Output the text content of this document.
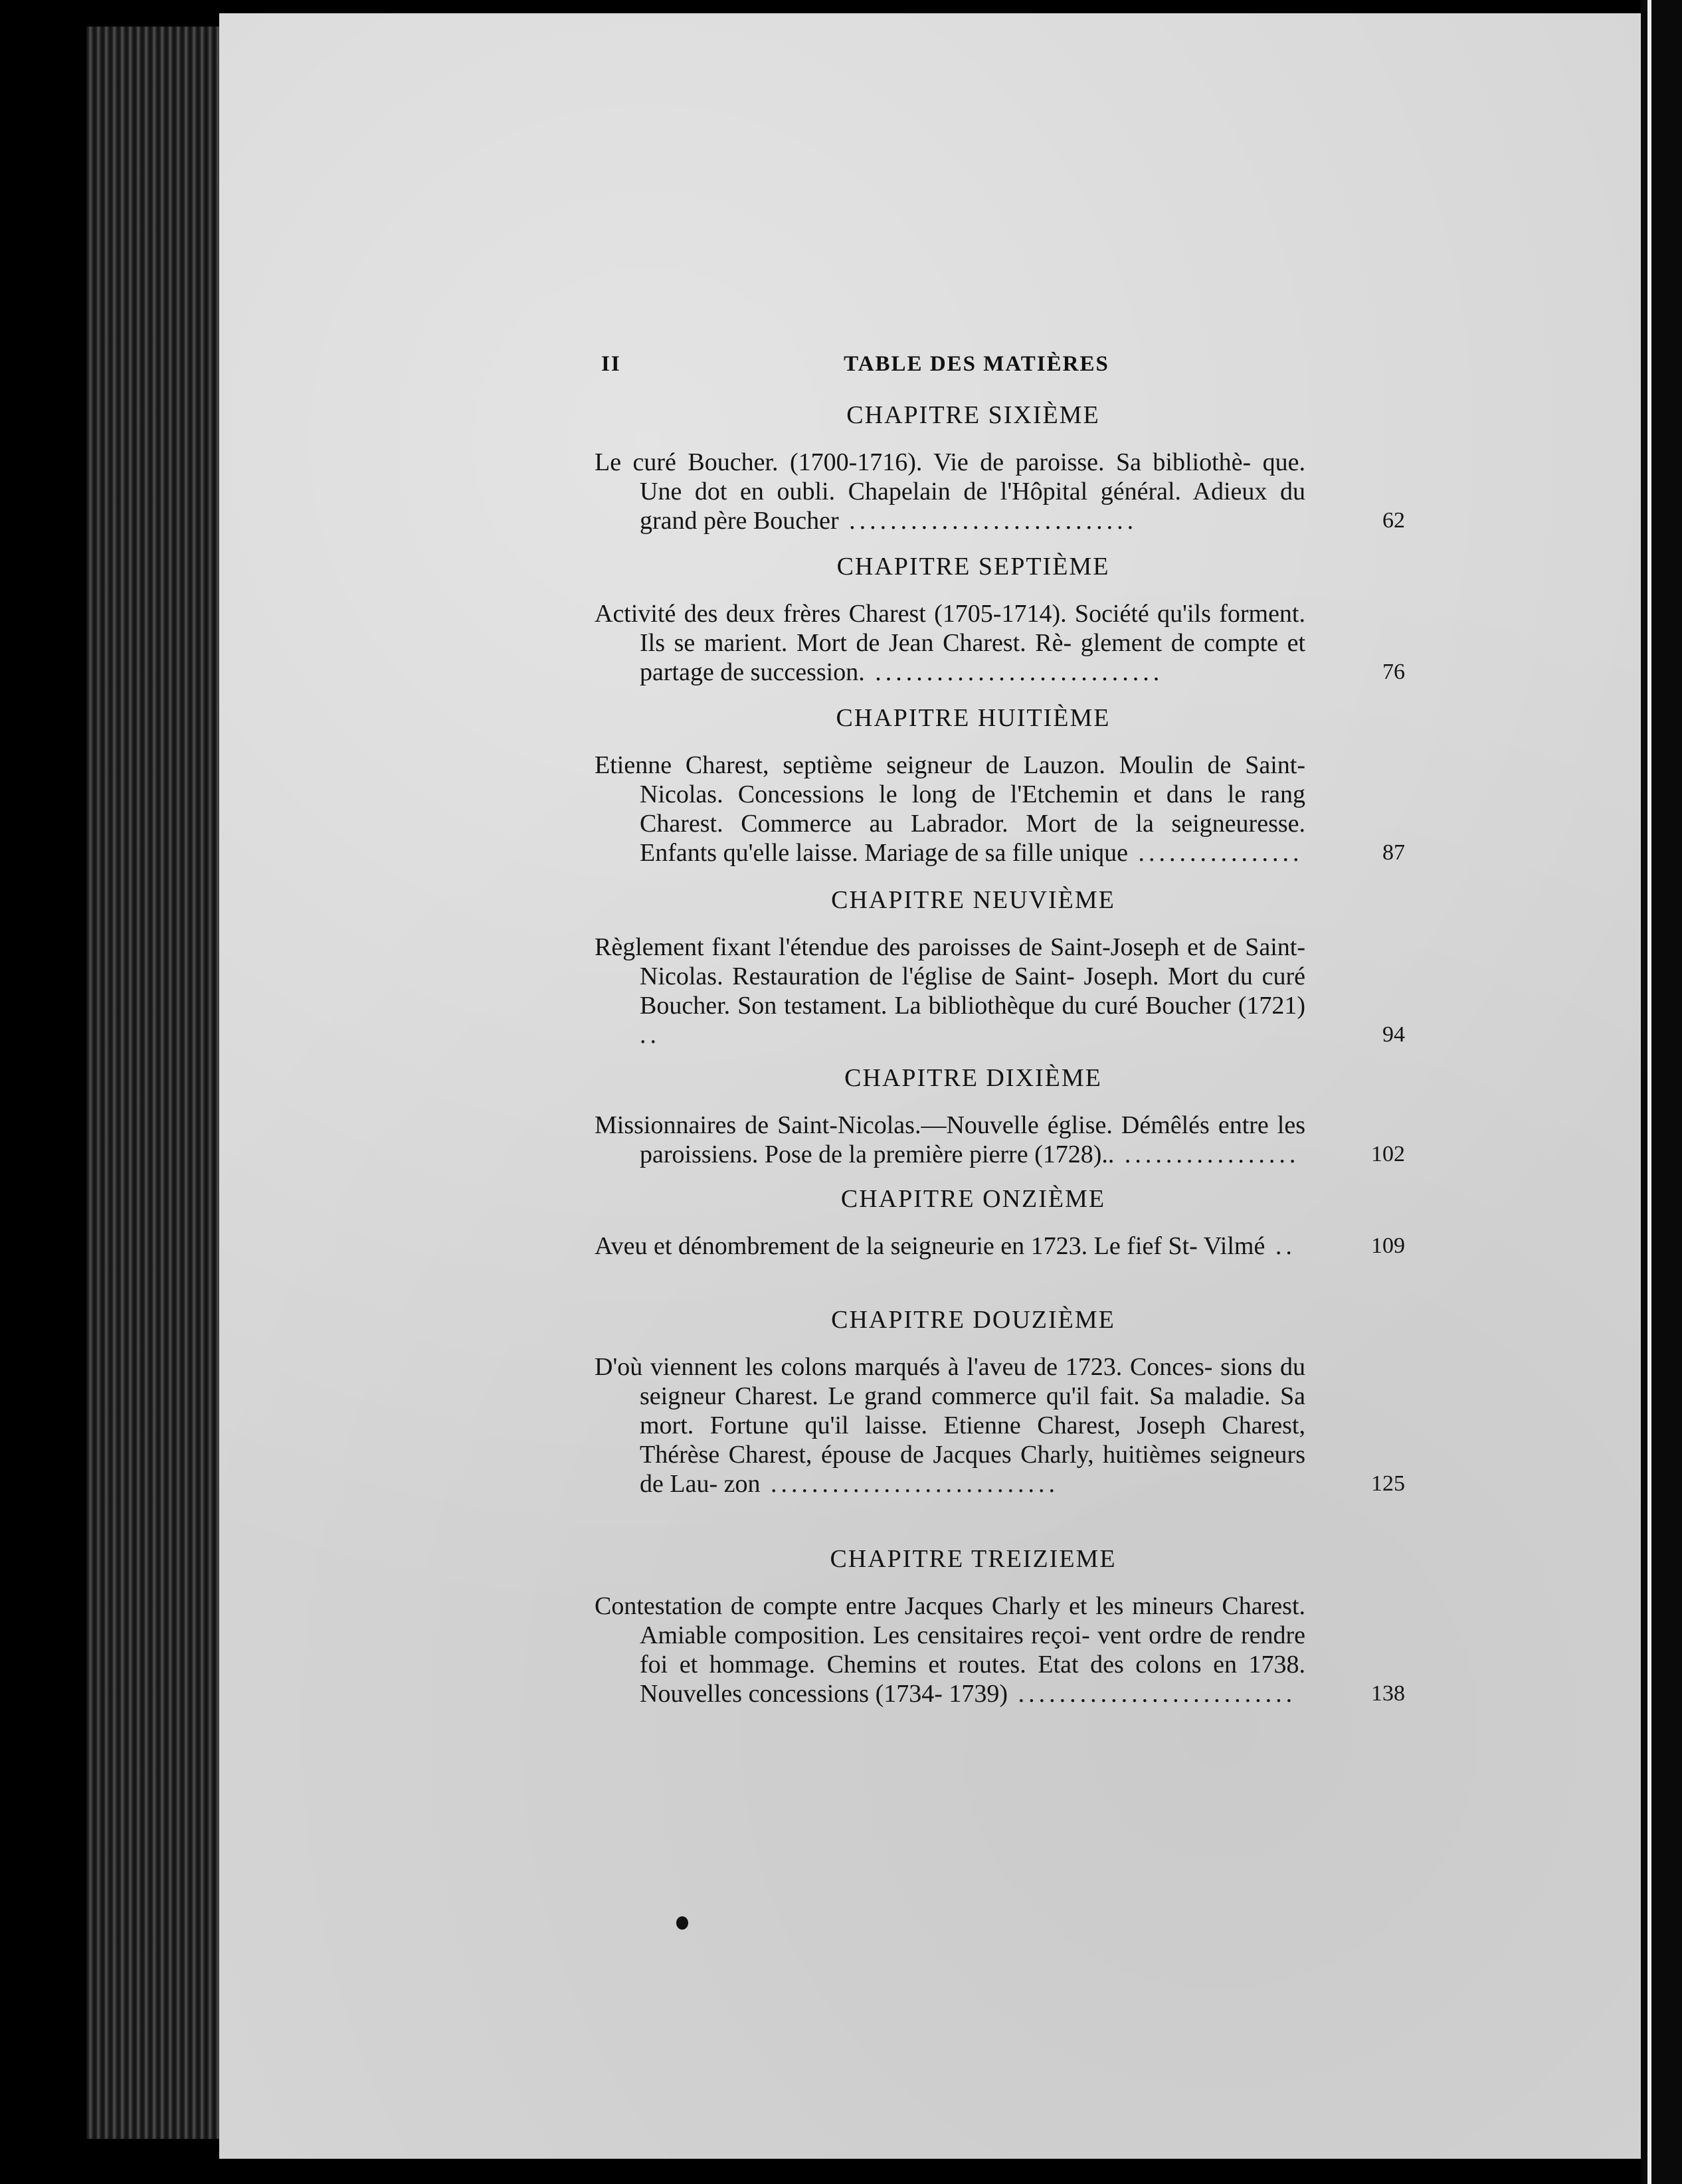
II	TABLE DES MATIÈRES
CHAPITRE SIXIÈME
Le curé Boucher. (1700-1716). Vie de paroisse. Sa bibliothè- que. Une dot en oubli. Chapelain de l'Hôpital général. Adieux du grand père Boucher ............................	62
CHAPITRE SEPTIÈME
Activité des deux frères Charest (1705-1714). Société qu'ils forment. Ils se marient. Mort de Jean Charest. Rè- glement de compte et partage de succession. ............................	76
CHAPITRE HUITIÈME
Etienne Charest, septième seigneur de Lauzon. Moulin de Saint-Nicolas. Concessions le long de l'Etchemin et dans le rang Charest. Commerce au Labrador. Mort de la seigneuresse. Enfants qu'elle laisse. Mariage de sa fille unique ................	87
CHAPITRE NEUVIÈME
Règlement fixant l'étendue des paroisses de Saint-Joseph et de Saint-Nicolas. Restauration de l'église de Saint- Joseph. Mort du curé Boucher. Son testament. La bibliothèque du curé Boucher (1721) ..	94
CHAPITRE DIXIÈME
Missionnaires de Saint-Nicolas.—Nouvelle église. Démêlés entre les paroissiens. Pose de la première pierre (1728).. .................	102
CHAPITRE ONZIÈME
Aveu et dénombrement de la seigneurie en 1723. Le fief St- Vilmé ..	109
CHAPITRE DOUZIÈME
D'où viennent les colons marqués à l'aveu de 1723. Conces- sions du seigneur Charest. Le grand commerce qu'il fait. Sa maladie. Sa mort. Fortune qu'il laisse. Etienne Charest, Joseph Charest, Thérèse Charest, épouse de Jacques Charly, huitièmes seigneurs de Lau- zon ............................	125
CHAPITRE TREIZIEME
Contestation de compte entre Jacques Charly et les mineurs Charest. Amiable composition. Les censitaires reçoi- vent ordre de rendre foi et hommage. Chemins et routes. Etat des colons en 1738. Nouvelles concessions (1734- 1739) ...........................	138
